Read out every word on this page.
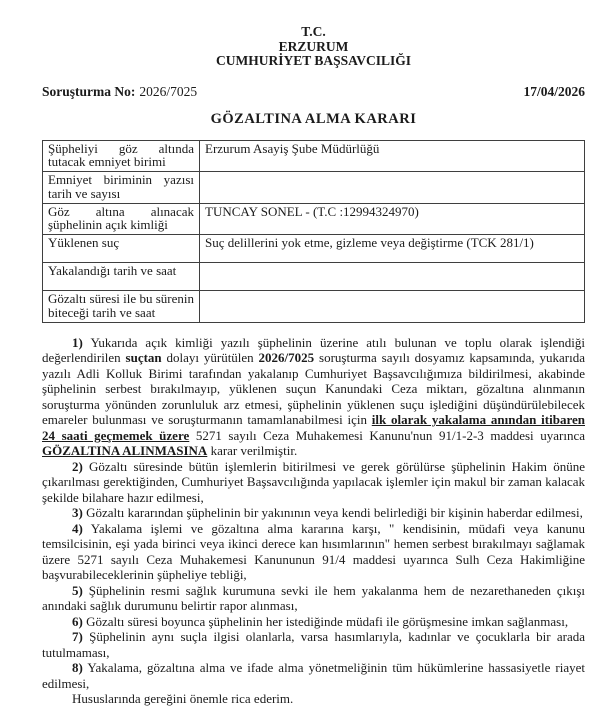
T.C.
ERZURUM
CUMHURİYET BAŞSAVCILIĞI
Soruşturma No: 2026/7025	17/04/2026
GÖZALTINA ALMA KARARI
Şüpheliyi göz altında tutacak emniyet birimi	Erzurum Asayiş Şube Müdürlüğü
Emniyet biriminin yazısı tarih ve sayısı	
Göz altına alınacak şüphelinin açık kimliği	TUNCAY SONEL - (T.C :12994324970)
Yüklenen suç	Suç delillerini yok etme, gizleme veya değiştirme (TCK 281/1)
Yakalandığı tarih ve saat	
Gözaltı süresi ile bu sürenin biteceği tarih ve saat	

1) Yukarıda açık kimliği yazılı şüphelinin üzerine atılı bulunan ve toplu olarak işlendiği değerlendirilen suçtan dolayı yürütülen 2026/7025 soruşturma sayılı dosyamız kapsamında, yukarıda yazılı Adli Kolluk Birimi tarafından yakalanıp Cumhuriyet Başsavcılığımıza bildirilmesi, akabinde şüphelinin serbest bırakılmayıp, yüklenen suçun Kanundaki Ceza miktarı, gözaltına alınmanın soruşturma yönünden zorunluluk arz etmesi, şüphelinin yüklenen suçu işlediğini düşündürülebilecek emareler bulunması ve soruşturmanın tamamlanabilmesi için ilk olarak yakalama anından itibaren 24 saati geçmemek üzere 5271 sayılı Ceza Muhakemesi Kanunu'nun 91/1-2-3 maddesi uyarınca GÖZALTINA ALINMASINA karar verilmiştir.

2) Gözaltı süresinde bütün işlemlerin bitirilmesi ve gerek görülürse şüphelinin Hakim önüne çıkarılması gerektiğinden, Cumhuriyet Başsavcılığında yapılacak işlemler için makul bir zaman kalacak şekilde bilahare hazır edilmesi,

3) Gözaltı kararından şüphelinin bir yakınının veya kendi belirlediği bir kişinin haberdar edilmesi,

4) Yakalama işlemi ve gözaltına alma kararına karşı, " kendisinin, müdafi veya kanunu temsilcisinin, eşi yada birinci veya ikinci derece kan hısımlarının" hemen serbest bırakılmayı sağlamak üzere 5271 sayılı Ceza Muhakemesi Kanununun 91/4 maddesi uyarınca Sulh Ceza Hakimliğine başvurabileceklerinin şüpheliye tebliği,

5) Şüphelinin resmi sağlık kurumuna sevki ile hem yakalanma hem de nezarethaneden çıkışı anındaki sağlık durumunu belirtir rapor alınması,

6) Gözaltı süresi boyunca şüphelinin her istediğinde müdafi ile görüşmesine imkan sağlanması,

7) Şüphelinin aynı suçla ilgisi olanlarla, varsa hasımlarıyla, kadınlar ve çocuklarla bir arada tutulmaması,

8) Yakalama, gözaltına alma ve ifade alma yönetmeliğinin tüm hükümlerine hassasiyetle riayet edilmesi,

Hususlarında gereğini önemle rica ederim.
